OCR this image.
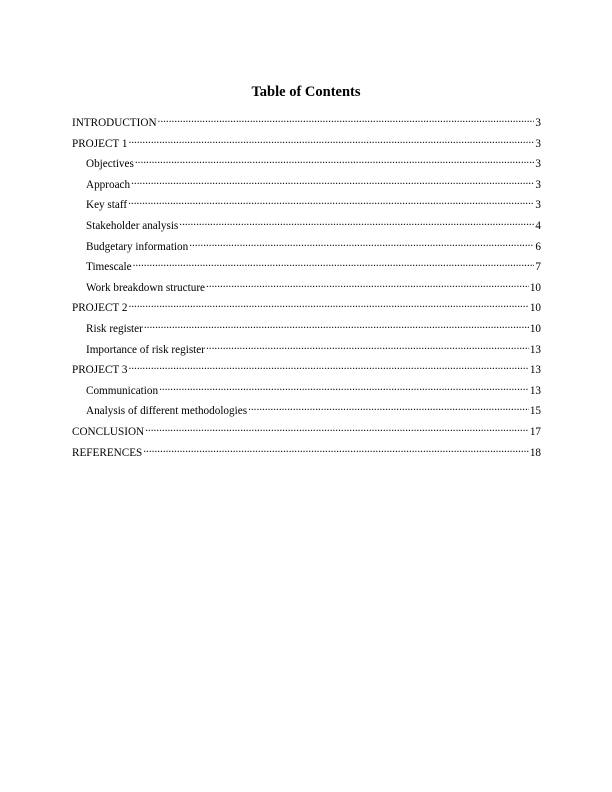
Table of Contents
INTRODUCTION .....	3
PROJECT 1 .....	3
Objectives .....	3
Approach .....	3
Key staff .....	3
Stakeholder analysis .....	4
Budgetary information .....	6
Timescale .....	7
Work breakdown structure .....	10
PROJECT 2 .....	10
Risk register .....	10
Importance of risk register .....	13
PROJECT 3 .....	13
Communication .....	13
Analysis of different methodologies .....	15
CONCLUSION .....	17
REFERENCES .....	18
